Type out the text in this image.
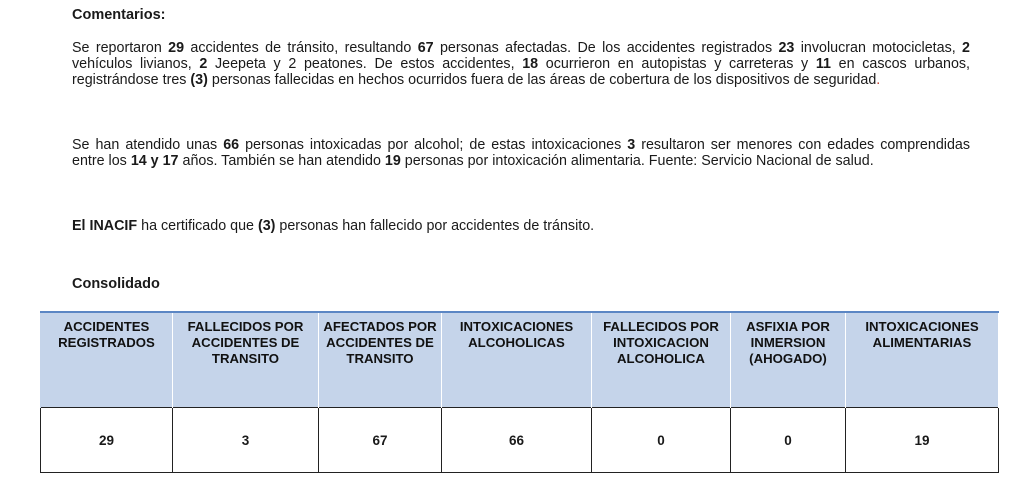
Comentarios:
Se reportaron 29 accidentes de tránsito, resultando 67 personas afectadas. De los accidentes registrados 23 involucran motocicletas, 2 vehículos livianos, 2 Jeepeta y 2 peatones. De estos accidentes, 18 ocurrieron en autopistas y carreteras y 11 en cascos urbanos, registrándose tres (3) personas fallecidas en hechos ocurridos fuera de las áreas de cobertura de los dispositivos de seguridad.
Se han atendido unas 66 personas intoxicadas por alcohol; de estas intoxicaciones 3 resultaron ser menores con edades comprendidas entre los 14 y 17 años. También se han atendido 19 personas por intoxicación alimentaria. Fuente: Servicio Nacional de salud.
El INACIF ha certificado que (3) personas han fallecido por accidentes de tránsito.
Consolidado
ACCIDENTES REGISTRADOS	FALLECIDOS POR ACCIDENTES DE TRANSITO	AFECTADOS POR ACCIDENTES DE TRANSITO	INTOXICACIONES ALCOHOLICAS	FALLECIDOS POR INTOXICACION ALCOHOLICA	ASFIXIA POR INMERSION (AHOGADO)	INTOXICACIONES ALIMENTARIAS
29	3	67	66	0	0	19
